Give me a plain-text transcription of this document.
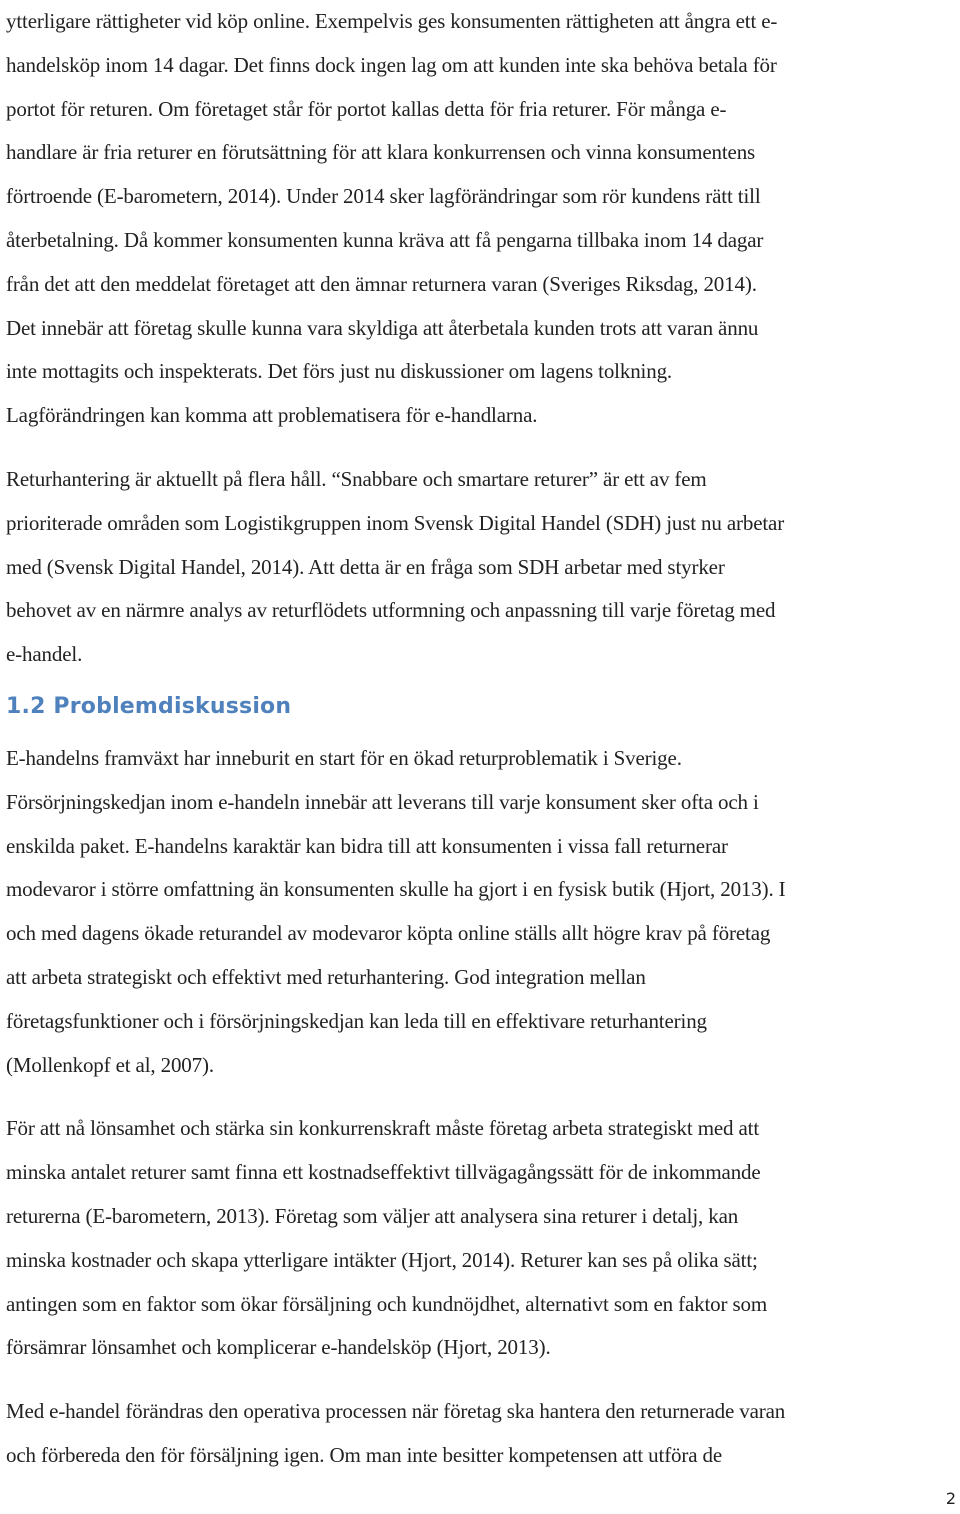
ytterligare rättigheter vid köp online. Exempelvis ges konsumenten rättigheten att ångra ett e-
handelsköp inom 14 dagar. Det finns dock ingen lag om att kunden inte ska behöva betala för
portot för returen. Om företaget står för portot kallas detta för fria returer. För många e-
handlare är fria returer en förutsättning för att klara konkurrensen och vinna konsumentens
förtroende (E-barometern, 2014). Under 2014 sker lagförändringar som rör kundens rätt till
återbetalning. Då kommer konsumenten kunna kräva att få pengarna tillbaka inom 14 dagar
från det att den meddelat företaget att den ämnar returnera varan (Sveriges Riksdag, 2014).
Det innebär att företag skulle kunna vara skyldiga att återbetala kunden trots att varan ännu
inte mottagits och inspekterats. Det förs just nu diskussioner om lagens tolkning.
Lagförändringen kan komma att problematisera för e-handlarna.

Returhantering är aktuellt på flera håll. “Snabbare och smartare returer” är ett av fem
prioriterade områden som Logistikgruppen inom Svensk Digital Handel (SDH) just nu arbetar
med (Svensk Digital Handel, 2014). Att detta är en fråga som SDH arbetar med styrker
behovet av en närmre analys av returflödets utformning och anpassning till varje företag med
e-handel.

1.2 Problemdiskussion

E-handelns framväxt har inneburit en start för en ökad returproblematik i Sverige.
Försörjningskedjan inom e-handeln innebär att leverans till varje konsument sker ofta och i
enskilda paket. E-handelns karaktär kan bidra till att konsumenten i vissa fall returnerar
modevaror i större omfattning än konsumenten skulle ha gjort i en fysisk butik (Hjort, 2013). I
och med dagens ökade returandel av modevaror köpta online ställs allt högre krav på företag
att arbeta strategiskt och effektivt med returhantering. God integration mellan
företagsfunktioner och i försörjningskedjan kan leda till en effektivare returhantering
(Mollenkopf et al, 2007).

För att nå lönsamhet och stärka sin konkurrenskraft måste företag arbeta strategiskt med att
minska antalet returer samt finna ett kostnadseffektivt tillvägagångssätt för de inkommande
returerna (E-barometern, 2013). Företag som väljer att analysera sina returer i detalj, kan
minska kostnader och skapa ytterligare intäkter (Hjort, 2014). Returer kan ses på olika sätt;
antingen som en faktor som ökar försäljning och kundnöjdhet, alternativt som en faktor som
försämrar lönsamhet och komplicerar e-handelsköp (Hjort, 2013).

Med e-handel förändras den operativa processen när företag ska hantera den returnerade varan
och förbereda den för försäljning igen. Om man inte besitter kompetensen att utföra de

2
